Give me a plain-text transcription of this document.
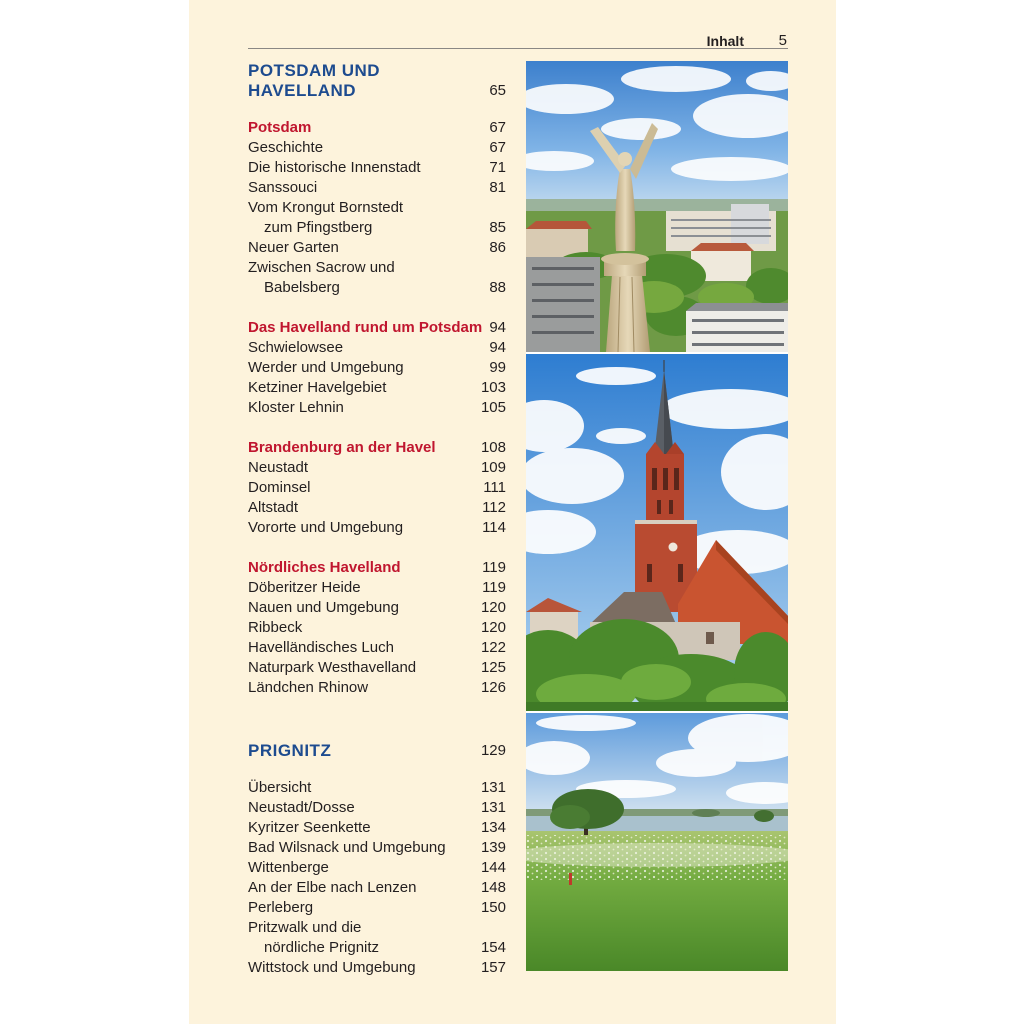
Inhalt 5
POTSDAM UND
HAVELLAND	65
Potsdam	67
Geschichte	67
Die historische Innenstadt	71
Sanssouci	81
Vom Krongut Bornstedt
zum Pfingstberg	85
Neuer Garten	86
Zwischen Sacrow und
Babelsberg	88
Das Havelland rund um Potsdam 94
Schwielowsee	94
Werder und Umgebung	99
Ketziner Havelgebiet	103
Kloster Lehnin	105
Brandenburg an der Havel	108
Neustadt	109
Dominsel	111
Altstadt	112
Vororte und Umgebung	114
Nördliches Havelland	119
Döberitzer Heide	119
Nauen und Umgebung	120
Ribbeck	120
Havelländisches Luch	122
Naturpark Westhavelland	125
Ländchen Rhinow	126
PRIGNITZ	129
Übersicht	131
Neustadt/Dosse	131
Kyritzer Seenkette	134
Bad Wilsnack und Umgebung	139
Wittenberge	144
An der Elbe nach Lenzen	148
Perleberg	150
Pritzwalk und die
nördliche Prignitz	154
Wittstock und Umgebung	157
